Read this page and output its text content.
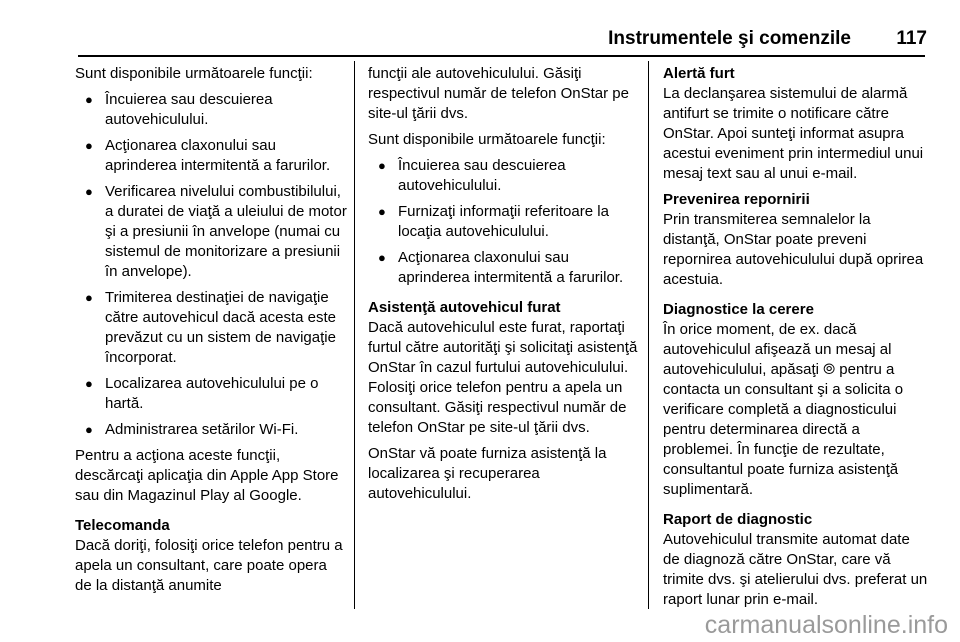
Instrumentele şi comenzile 117

Sunt disponibile următoarele funcţii:

● Încuierea sau descuierea autovehiculului.
● Acţionarea claxonului sau aprinderea intermitentă a farurilor.
● Verificarea nivelului combustibilului, a duratei de viaţă a uleiului de motor şi a presiunii în anvelope (numai cu sistemul de monitorizare a presiunii în anvelope).
● Trimiterea destinaţiei de navigaţie către autovehicul dacă acesta este prevăzut cu un sistem de navigaţie încorporat.
● Localizarea autovehiculului pe o hartă.
● Administrarea setărilor Wi-Fi.

Pentru a acţiona aceste funcţii, descărcaţi aplicaţia din Apple App Store sau din Magazinul Play al Google.

Telecomanda

Dacă doriţi, folosiţi orice telefon pentru a apela un consultant, care poate opera de la distanţă anumite

funcţii ale autovehiculului. Găsiţi respectivul număr de telefon OnStar pe site-ul ţării dvs.

Sunt disponibile următoarele funcţii:

● Încuierea sau descuierea autovehiculului.
● Furnizaţi informaţii referitoare la locaţia autovehiculului.
● Acţionarea claxonului sau aprinderea intermitentă a farurilor.
Asistenţă autovehicul furat

Dacă autovehiculul este furat, raportaţi furtul către autorităţi şi solicitaţi asistenţă OnStar în cazul furtului autovehiculului. Folosiţi orice telefon pentru a apela un consultant. Găsiţi respectivul număr de telefon OnStar pe site-ul ţării dvs.

OnStar vă poate furniza asistenţă la localizarea şi recuperarea autovehiculului.

Alertă furt

La declanşarea sistemului de alarmă antifurt se trimite o notificare către OnStar. Apoi sunteţi informat asupra acestui eveniment prin intermediul unui mesaj text sau al unui e-mail.

Prevenirea repornirii

Prin transmiterea semnalelor la distanţă, OnStar poate preveni repornirea autovehiculului după oprirea acestuia.

Diagnostice la cerere

În orice moment, de ex. dacă autovehiculul afişează un mesaj al autovehiculului, apăsaţi ⦾ pentru a contacta un consultant şi a solicita o verificare completă a diagnosticului pentru determinarea directă a problemei. În funcţie de rezultate, consultantul poate furniza asistenţă suplimentară.

Raport de diagnostic

Autovehiculul transmite automat date de diagnoză către OnStar, care vă trimite dvs. şi atelierului dvs. preferat un raport lunar prin e-mail.

carmanualsonline.info
